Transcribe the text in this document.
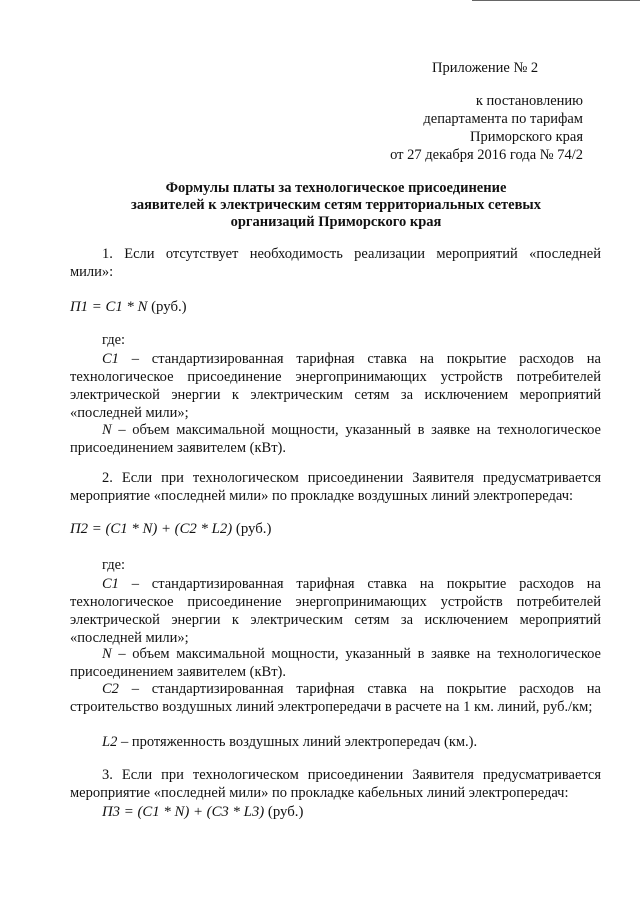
Приложение № 2
к постановлению
департамента по тарифам
Приморского края
от 27 декабря 2016 года № 74/2
Формулы платы за технологическое присоединение
заявителей к электрическим сетям территориальных сетевых
организаций Приморского края
1. Если отсутствует необходимость реализации мероприятий «последней мили»:
П1 = С1 * N (руб.)
где:
С1 – стандартизированная тарифная ставка на покрытие расходов на технологическое присоединение энергопринимающих устройств потребителей электрической энергии к электрическим сетям за исключением мероприятий «последней мили»;
N – объем максимальной мощности, указанный в заявке на технологическое присоединением заявителем (кВт).
2. Если при технологическом присоединении Заявителя предусматривается мероприятие «последней мили» по прокладке воздушных линий электропередач:
П2 = (С1 * N) + (С2 * L2) (руб.)
где:
С1 – стандартизированная тарифная ставка на покрытие расходов на технологическое присоединение энергопринимающих устройств потребителей электрической энергии к электрическим сетям за исключением мероприятий «последней мили»;
N – объем максимальной мощности, указанный в заявке на технологическое присоединением заявителем (кВт).
С2 – стандартизированная тарифная ставка на покрытие расходов на строительство воздушных линий электропередачи в расчете на 1 км. линий, руб./км;
L2 – протяженность воздушных линий электропередач (км.).
3. Если при технологическом присоединении Заявителя предусматривается мероприятие «последней мили» по прокладке кабельных линий электропередач:
П3 = (С1 * N) + (С3 * L3) (руб.)
